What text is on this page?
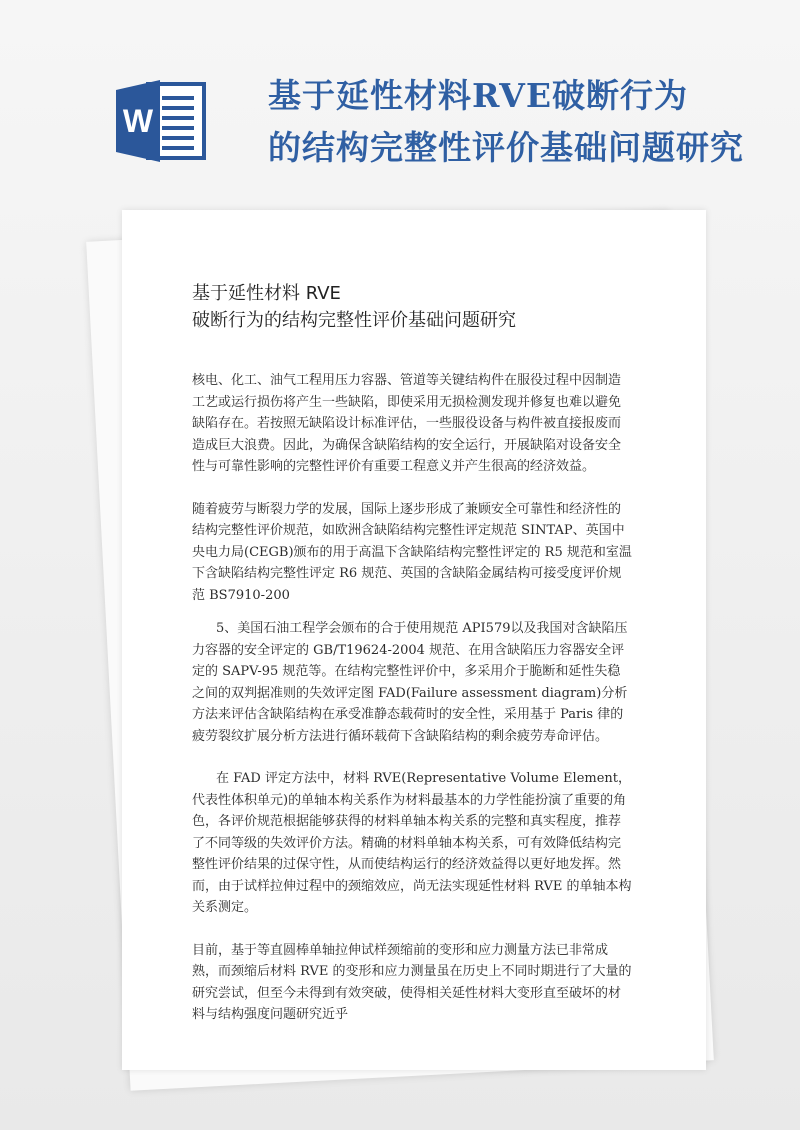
W
基于延性材料RVE破断行为
的结构完整性评价基础问题研究
基于延性材料 RVE
破断行为的结构完整性评价基础问题研究

核电、化工、油气工程用压力容器、管道等关键结构件在服役过程中因制造工艺或运行损伤将产生一些缺陷，即使采用无损检测发现并修复也难以避免缺陷存在。若按照无缺陷设计标准评估，一些服役设备与构件被直接报废而造成巨大浪费。因此，为确保含缺陷结构的安全运行，开展缺陷对设备安全性与可靠性影响的完整性评价有重要工程意义并产生很高的经济效益。

随着疲劳与断裂力学的发展，国际上逐步形成了兼顾安全可靠性和经济性的结构完整性评价规范，如欧洲含缺陷结构完整性评定规范 SINTAP、英国中央电力局(CEGB)颁布的用于高温下含缺陷结构完整性评定的 R5 规范和室温下含缺陷结构完整性评定 R6 规范、英国的含缺陷金属结构可接受度评价规范 BS7910-200

5、美国石油工程学会颁布的合于使用规范 API579以及我国对含缺陷压力容器的安全评定的 GB/T19624-2004 规范、在用含缺陷压力容器安全评定的 SAPV-95 规范等。在结构完整性评价中，多采用介于脆断和延性失稳之间的双判据准则的失效评定图 FAD(Failure assessment diagram)分析方法来评估含缺陷结构在承受准静态载荷时的安全性，采用基于 Paris 律的疲劳裂纹扩展分析方法进行循环载荷下含缺陷结构的剩余疲劳寿命评估。

在 FAD 评定方法中，材料 RVE(Representative Volume Element，代表性体积单元)的单轴本构关系作为材料最基本的力学性能扮演了重要的角色，各评价规范根据能够获得的材料单轴本构关系的完整和真实程度，推荐了不同等级的失效评价方法。精确的材料单轴本构关系，可有效降低结构完整性评价结果的过保守性，从而使结构运行的经济效益得以更好地发挥。然而，由于试样拉伸过程中的颈缩效应，尚无法实现延性材料 RVE 的单轴本构关系测定。

目前，基于等直圆棒单轴拉伸试样颈缩前的变形和应力测量方法已非常成熟，而颈缩后材料 RVE 的变形和应力测量虽在历史上不同时期进行了大量的研究尝试，但至今未得到有效突破，使得相关延性材料大变形直至破坏的材料与结构强度问题研究近乎
